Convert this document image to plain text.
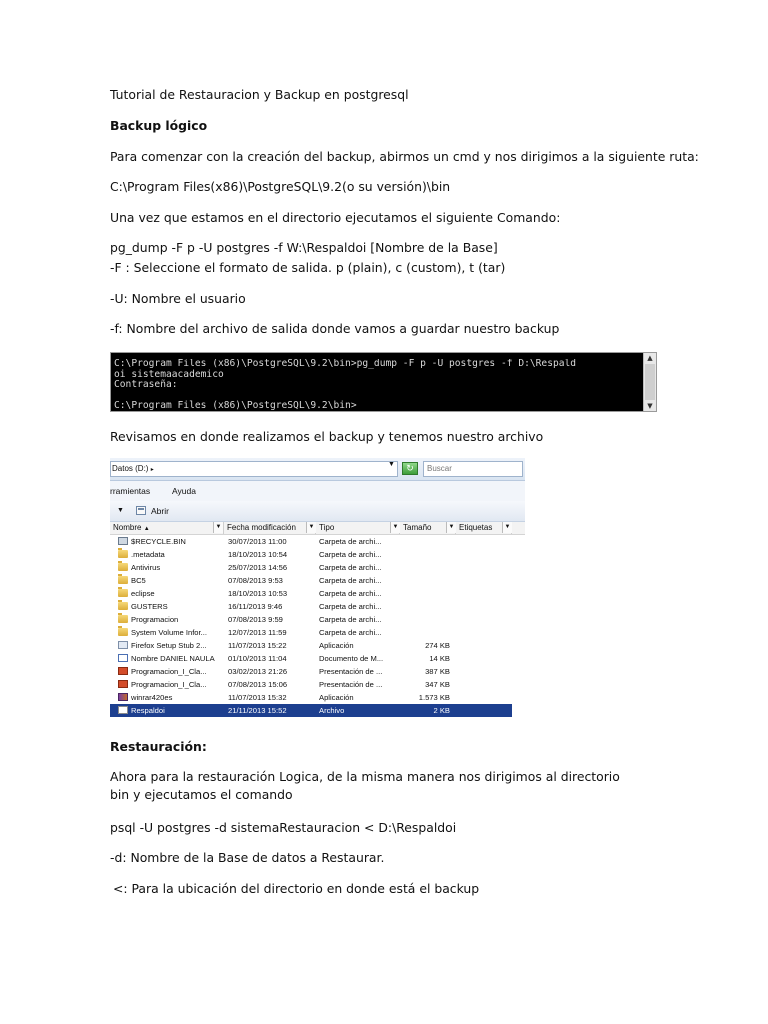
Tutorial de Restauracion y Backup en postgresql

Backup lógico

Para comenzar con la creación del backup, abirmos un cmd y nos dirigimos a la siguiente ruta:

C:\Program Files(x86)\PostgreSQL\9.2(o su versión)\bin

Una vez que estamos en el directorio ejecutamos el siguiente Comando:

pg_dump -F p -U postgres -f W:\Respaldoi [Nombre de la Base]

-F : Seleccione el formato de salida. p (plain), c (custom), t (tar)

-U: Nombre el usuario

-f: Nombre del archivo de salida donde vamos a guardar nuestro backup

C:\Program Files (x86)\PostgreSQL\9.2\bin>pg_dump -F p -U postgres -f D:\Respald
oi sistemaacademico
Contraseña:

C:\Program Files (x86)\PostgreSQL\9.2\bin>
▲
▼

Revisamos en donde realizamos el backup y tenemos nuestro archivo

Datos (D:) ▸
▼	↻	Buscar
rramientas	Ayuda
▼	Abrir
Nombre ▲	▼ Fecha modificación	▼ Tipo	▼ Tamaño	▼ Etiquetas	▼
$RECYCLE.BIN	30/07/2013 11:00	Carpeta de archi...
.metadata	18/10/2013 10:54	Carpeta de archi...
Antivirus	25/07/2013 14:56	Carpeta de archi...
BC5	07/08/2013 9:53	Carpeta de archi...
eclipse	18/10/2013 10:53	Carpeta de archi...
GUSTERS	16/11/2013 9:46	Carpeta de archi...
Programacion	07/08/2013 9:59	Carpeta de archi...
System Volume Infor...	12/07/2013 11:59	Carpeta de archi...
Firefox Setup Stub 2...	11/07/2013 15:22	Aplicación	274 KB
Nombre DANIEL NAULA	01/10/2013 11:04	Documento de M...	14 KB
Programacion_I_Cla...	03/02/2013 21:26	Presentación de ...	387 KB
Programacion_I_Cla...	07/08/2013 15:06	Presentación de ...	347 KB
winrar420es	11/07/2013 15:32	Aplicación	1.573 KB
Respaldoi	21/11/2013 15:52	Archivo	2 KB

Restauración:

Ahora para la restauración Logica, de la misma manera nos dirigimos al directorio bin y ejecutamos el comando

psql -U postgres -d sistemaRestauracion < D:\Respaldoi

-d: Nombre de la Base de datos a Restaurar.

<: Para la ubicación del directorio en donde está el backup
